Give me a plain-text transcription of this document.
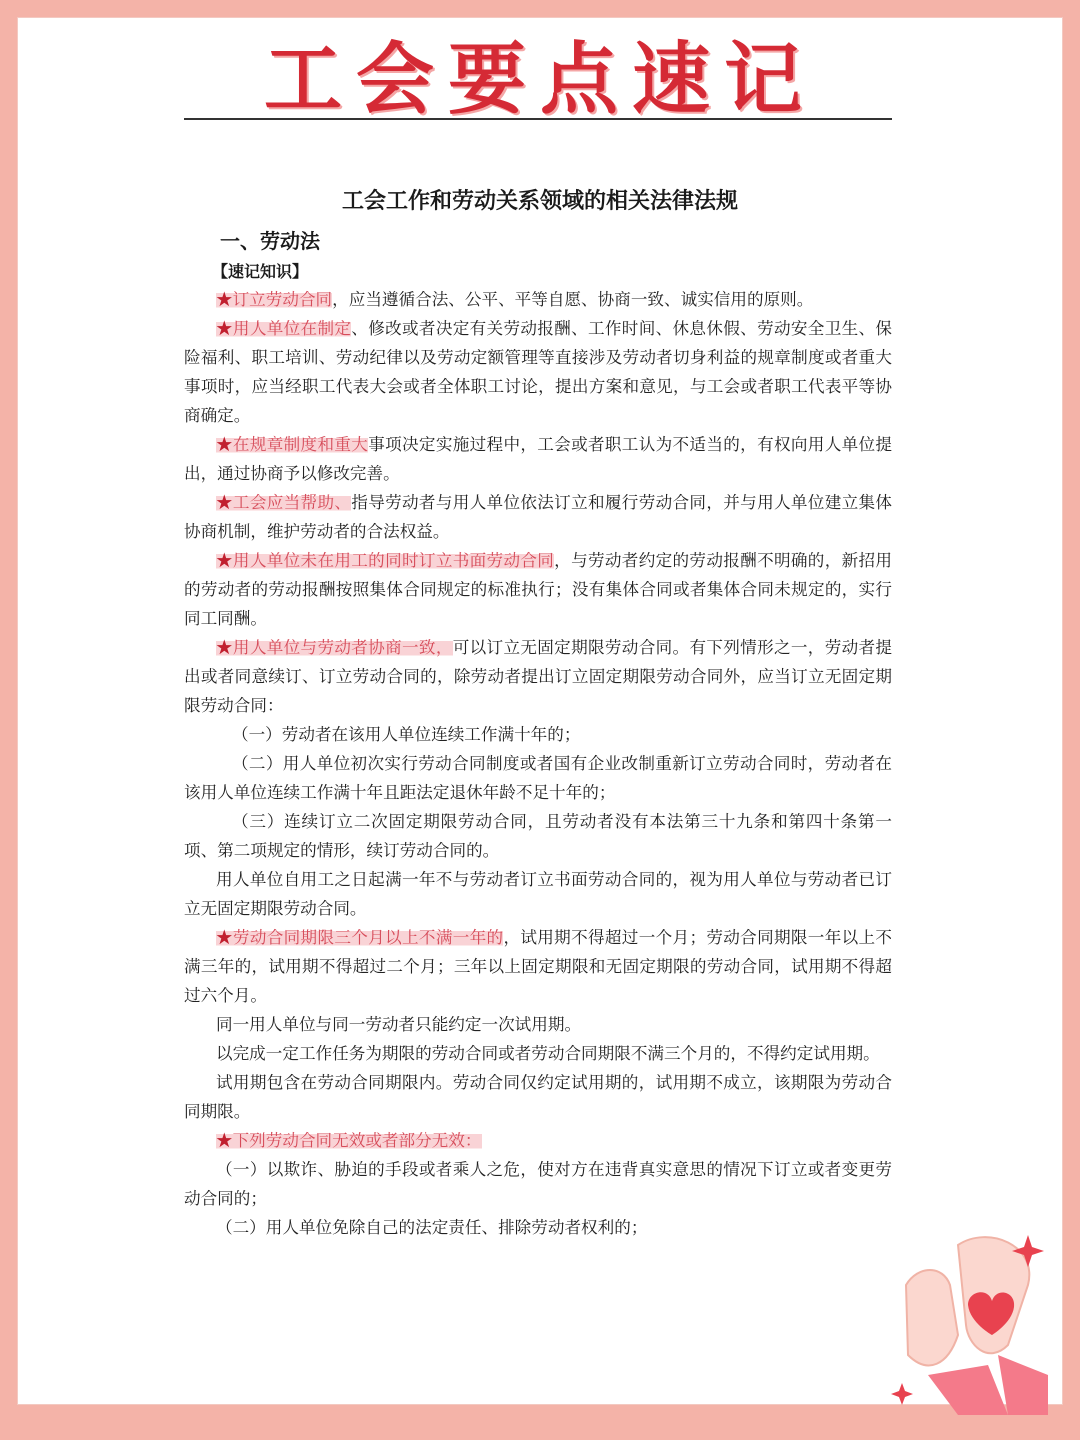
工会要点速记
工会工作和劳动关系领域的相关法律法规
一、劳动法
【速记知识】

★订立劳动合同，应当遵循合法、公平、平等自愿、协商一致、诚实信用的原则。

★用人单位在制定、修改或者决定有关劳动报酬、工作时间、休息休假、劳动安全卫生、保险福利、职工培训、劳动纪律以及劳动定额管理等直接涉及劳动者切身利益的规章制度或者重大事项时，应当经职工代表大会或者全体职工讨论，提出方案和意见，与工会或者职工代表平等协商确定。

★在规章制度和重大事项决定实施过程中，工会或者职工认为不适当的，有权向用人单位提出，通过协商予以修改完善。

★工会应当帮助、指导劳动者与用人单位依法订立和履行劳动合同，并与用人单位建立集体协商机制，维护劳动者的合法权益。

★用人单位未在用工的同时订立书面劳动合同，与劳动者约定的劳动报酬不明确的，新招用的劳动者的劳动报酬按照集体合同规定的标准执行；没有集体合同或者集体合同未规定的，实行同工同酬。

★用人单位与劳动者协商一致，可以订立无固定期限劳动合同。有下列情形之一，劳动者提出或者同意续订、订立劳动合同的，除劳动者提出订立固定期限劳动合同外，应当订立无固定期限劳动合同：

（一）劳动者在该用人单位连续工作满十年的；

（二）用人单位初次实行劳动合同制度或者国有企业改制重新订立劳动合同时，劳动者在该用人单位连续工作满十年且距法定退休年龄不足十年的；

（三）连续订立二次固定期限劳动合同，且劳动者没有本法第三十九条和第四十条第一项、第二项规定的情形，续订劳动合同的。

用人单位自用工之日起满一年不与劳动者订立书面劳动合同的，视为用人单位与劳动者已订立无固定期限劳动合同。

★劳动合同期限三个月以上不满一年的，试用期不得超过一个月；劳动合同期限一年以上不满三年的，试用期不得超过二个月；三年以上固定期限和无固定期限的劳动合同，试用期不得超过六个月。

同一用人单位与同一劳动者只能约定一次试用期。

以完成一定工作任务为期限的劳动合同或者劳动合同期限不满三个月的，不得约定试用期。

试用期包含在劳动合同期限内。劳动合同仅约定试用期的，试用期不成立，该期限为劳动合同期限。

★下列劳动合同无效或者部分无效：

（一）以欺诈、胁迫的手段或者乘人之危，使对方在违背真实意思的情况下订立或者变更劳动合同的；

（二）用人单位免除自己的法定责任、排除劳动者权利的；
